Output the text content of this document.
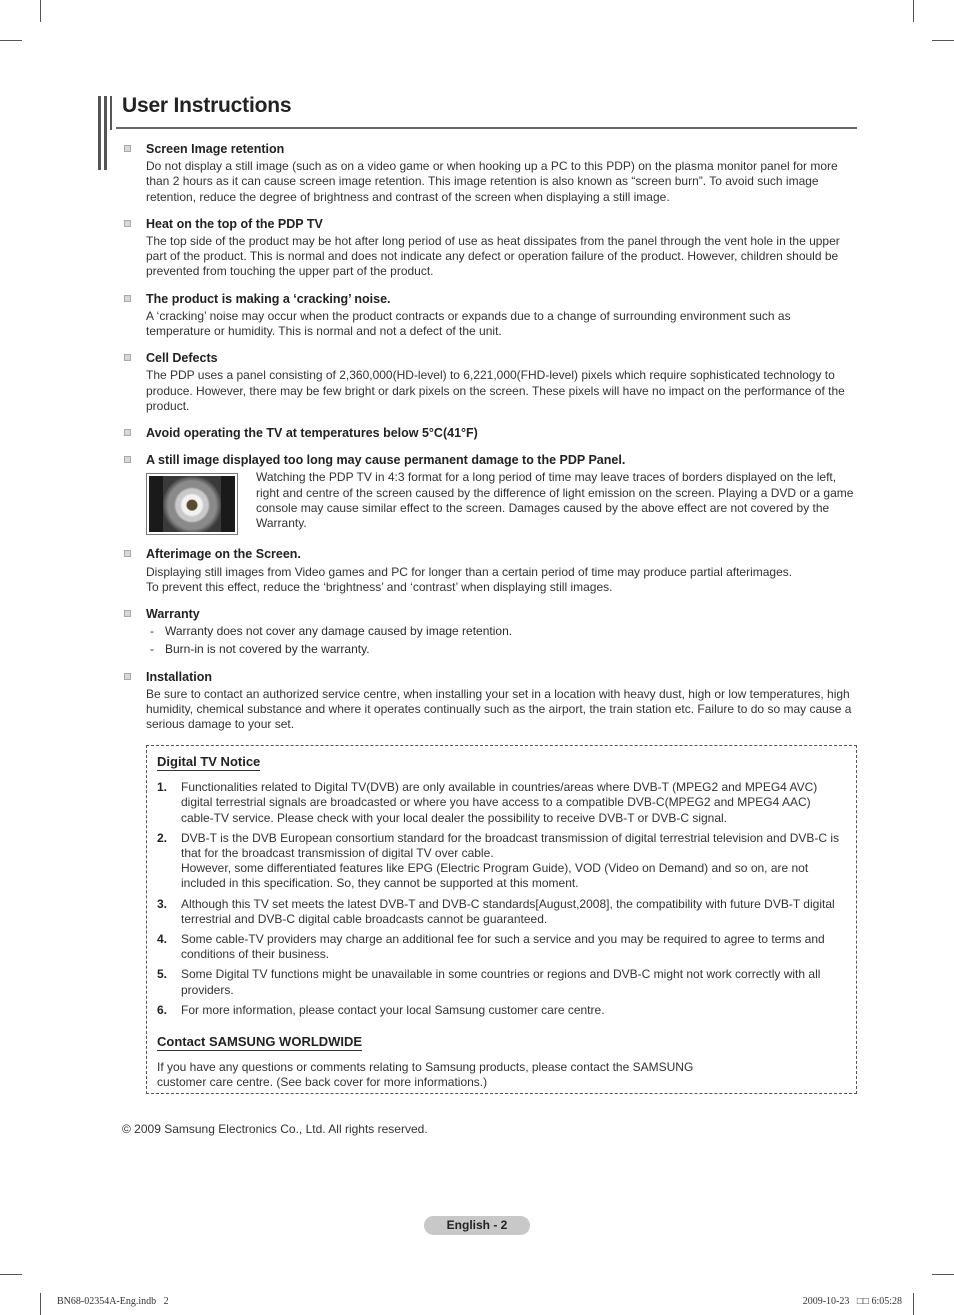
User Instructions
Screen Image retention
Do not display a still image (such as on a video game or when hooking up a PC to this PDP) on the plasma monitor panel for more than 2 hours as it can cause screen image retention. This image retention is also known as “screen burn”. To avoid such image retention, reduce the degree of brightness and contrast of the screen when displaying a still image.
Heat on the top of the PDP TV
The top side of the product may be hot after long period of use as heat dissipates from the panel through the vent hole in the upper part of the product. This is normal and does not indicate any defect or operation failure of the product. However, children should be prevented from touching the upper part of the product.
The product is making a ‘cracking’ noise.
A ‘cracking’ noise may occur when the product contracts or expands due to a change of surrounding environment such as temperature or humidity. This is normal and not a defect of the unit.
Cell Defects
The PDP uses a panel consisting of 2,360,000(HD-level) to 6,221,000(FHD-level) pixels which require sophisticated technology to produce. However, there may be few bright or dark pixels on the screen. These pixels will have no impact on the performance of the product.
Avoid operating the TV at temperatures below 5°C(41°F)
A still image displayed too long may cause permanent damage to the PDP Panel.
Watching the PDP TV in 4:3 format for a long period of time may leave traces of borders displayed on the left, right and centre of the screen caused by the difference of light emission on the screen. Playing a DVD or a game console may cause similar effect to the screen. Damages caused by the above effect are not covered by the Warranty.
Afterimage on the Screen.
Displaying still images from Video games and PC for longer than a certain period of time may produce partial afterimages.
To prevent this effect, reduce the ‘brightness’ and ‘contrast’ when displaying still images.
Warranty
- Warranty does not cover any damage caused by image retention.
- Burn-in is not covered by the warranty.
Installation
Be sure to contact an authorized service centre, when installing your set in a location with heavy dust, high or low temperatures, high humidity, chemical substance and where it operates continually such as the airport, the train station etc. Failure to do so may cause a serious damage to your set.
Digital TV Notice
1. Functionalities related to Digital TV(DVB) are only available in countries/areas where DVB-T (MPEG2 and MPEG4 AVC) digital terrestrial signals are broadcasted or where you have access to a compatible DVB-C(MPEG2 and MPEG4 AAC) cable-TV service. Please check with your local dealer the possibility to receive DVB-T or DVB-C signal.
2. DVB-T is the DVB European consortium standard for the broadcast transmission of digital terrestrial television and DVB-C is that for the broadcast transmission of digital TV over cable.
However, some differentiated features like EPG (Electric Program Guide), VOD (Video on Demand) and so on, are not included in this specification. So, they cannot be supported at this moment.
3. Although this TV set meets the latest DVB-T and DVB-C standards[August,2008], the compatibility with future DVB-T digital terrestrial and DVB-C digital cable broadcasts cannot be guaranteed.
4. Some cable-TV providers may charge an additional fee for such a service and you may be required to agree to terms and conditions of their business.
5. Some Digital TV functions might be unavailable in some countries or regions and DVB-C might not work correctly with all providers.
6. For more information, please contact your local Samsung customer care centre.
Contact SAMSUNG WORLDWIDE
If you have any questions or comments relating to Samsung products, please contact the SAMSUNG customer care centre. (See back cover for more informations.)
© 2009 Samsung Electronics Co., Ltd. All rights reserved.
English - 2
BN68-02354A-Eng.indb   2	2009-10-23   □□ 6:05:28
